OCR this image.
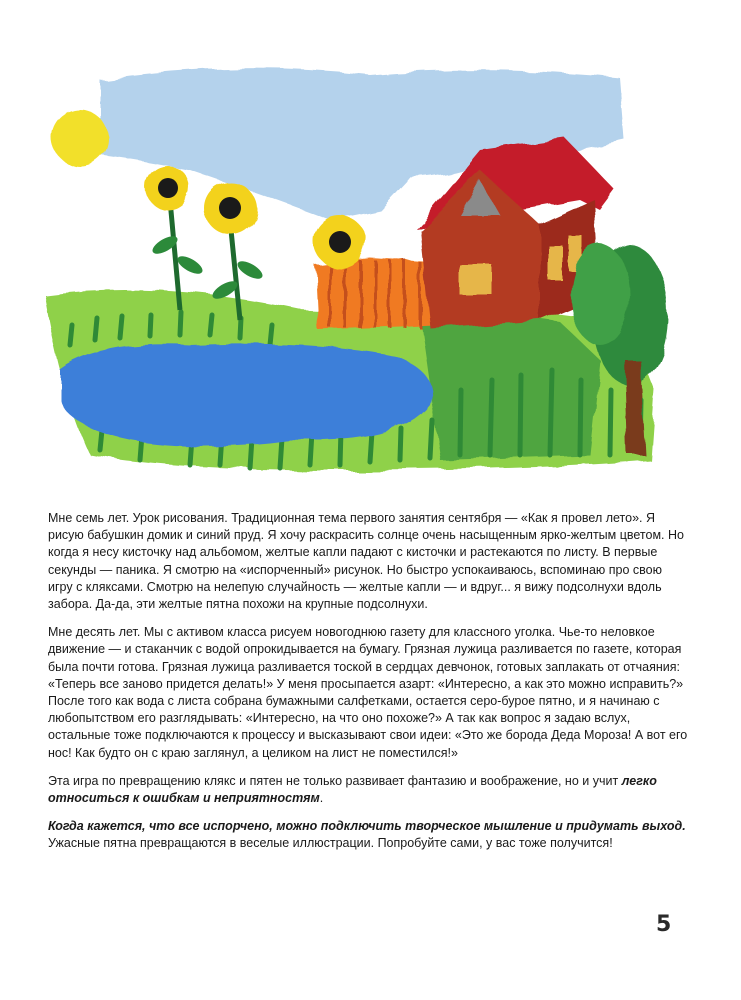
Мне семь лет. Урок рисования. Традиционная тема первого занятия сентября — «Как я провел лето». Я рисую бабушкин домик и синий пруд. Я хочу раскрасить солнце очень насыщенным ярко-желтым цветом. Но когда я несу кисточку над альбомом, желтые капли падают с кисточки и растекаются по листу. В первые секунды — паника. Я смотрю на «испорченный» рисунок. Но быстро успокаиваюсь, вспоминаю про свою игру с кляксами. Смотрю на нелепую случайность — желтые капли — и вдруг... я вижу подсолнухи вдоль забора. Да-да, эти желтые пятна похожи на крупные подсолнухи.

Мне десять лет. Мы с активом класса рисуем новогоднюю газету для классного уголка. Чье-то неловкое движение — и стаканчик с водой опрокидывается на бумагу. Грязная лужица разливается по газете, которая была почти готова. Грязная лужица разливается тоской в сердцах девчонок, готовых заплакать от отчаяния: «Теперь все заново придется делать!» У меня просыпается азарт: «Интересно, а как это можно исправить?» После того как вода с листа собрана бумажными салфетками, остается серо-бурое пятно, и я начинаю с любопытством его разглядывать: «Интересно, на что оно похоже?» А так как вопрос я задаю вслух, остальные тоже подключаются к процессу и высказывают свои идеи: «Это же борода Деда Мороза! А вот его нос! Как будто он с краю заглянул, а целиком на лист не поместился!»

Эта игра по превращению клякс и пятен не только развивает фантазию и воображение, но и учит легко относиться к ошибкам и неприятностям.

Когда кажется, что все испорчено, можно подключить творческое мышление и придумать выход. Ужасные пятна превращаются в веселые иллюстрации. Попробуйте сами, у вас тоже получится!

5
